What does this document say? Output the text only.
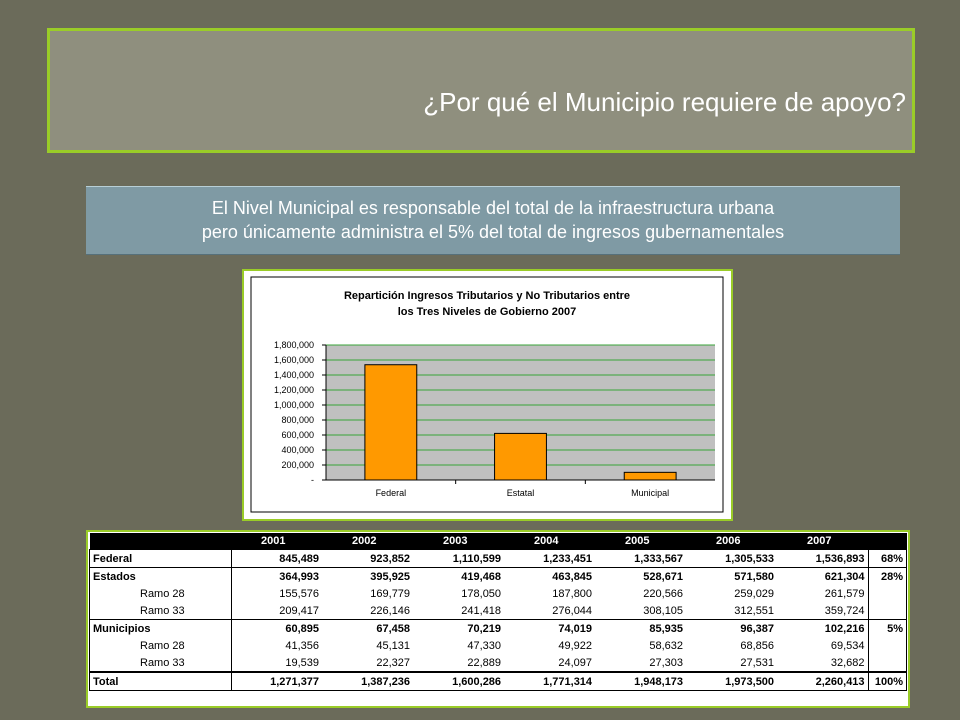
¿Por qué el Municipio requiere de apoyo?
El Nivel Municipal es responsable del total de la infraestructura urbana
pero únicamente administra el 5% del total de ingresos gubernamentales
Repartición Ingresos Tributarios y No Tributarios entre
los Tres Niveles de Gobierno 2007
-
200,000
400,000
600,000
800,000
1,000,000
1,200,000
1,400,000
1,600,000
1,800,000
Federal	Estatal	Municipal
	2001	2002	2003	2004	2005	2006	2007	
Federal	845,489	923,852	1,110,599	1,233,451	1,333,567	1,305,533	1,536,893	68%
Estados	364,993	395,925	419,468	463,845	528,671	571,580	621,304	28%
Ramo 28	155,576	169,779	178,050	187,800	220,566	259,029	261,579	
Ramo 33	209,417	226,146	241,418	276,044	308,105	312,551	359,724	
Municipios	60,895	67,458	70,219	74,019	85,935	96,387	102,216	5%
Ramo 28	41,356	45,131	47,330	49,922	58,632	68,856	69,534	
Ramo 33	19,539	22,327	22,889	24,097	27,303	27,531	32,682	
Total	1,271,377	1,387,236	1,600,286	1,771,314	1,948,173	1,973,500	2,260,413	100%
